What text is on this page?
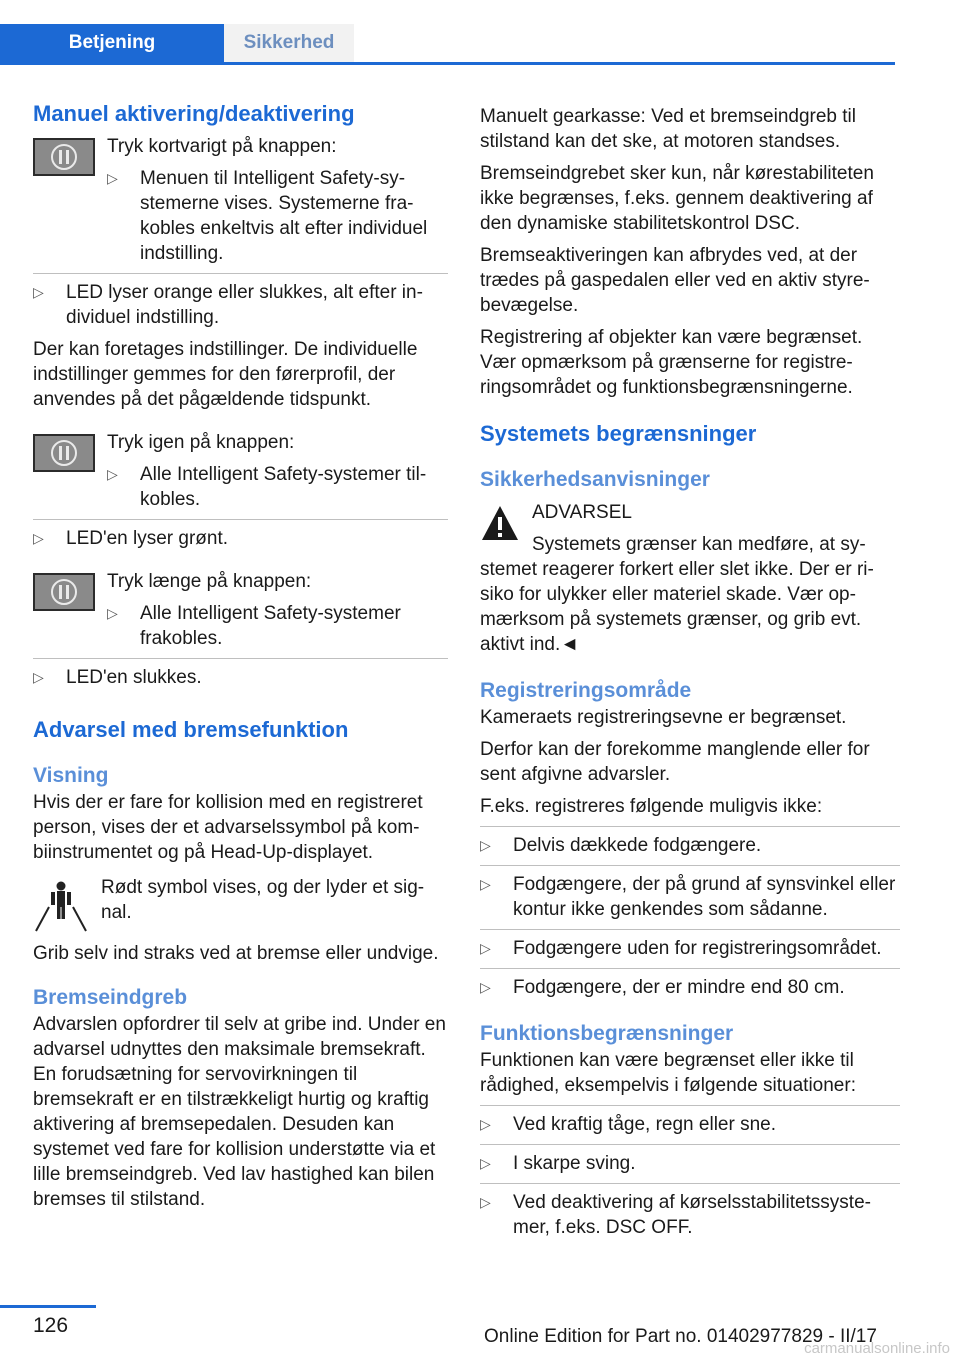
Betjening	Sikkerhed
Manuel aktivering/deaktivering

Tryk kortvarigt på knappen:

▷ Menuen til Intelligent Safety-systemerne vises. Systemerne frakobles enkeltvis alt efter individuel indstilling.
▷ LED lyser orange eller slukkes, alt efter individuel indstilling.

Der kan foretages indstillinger. De individuelle indstillinger gemmes for den førerprofil, der anvendes på det pågældende tidspunkt.

Tryk igen på knappen:

▷ Alle Intelligent Safety-systemer tilkobles.
▷ LED'en lyser grønt.

Tryk længe på knappen:

▷ Alle Intelligent Safety-systemer frakobles.
▷ LED'en slukkes.
Advarsel med bremsefunktion
Visning

Hvis der er fare for kollision med en registreret person, vises der et advarselssymbol på kombiinstrumentet og på Head-Up-displayet.

Rødt symbol vises, og der lyder et signal.

Grib selv ind straks ved at bremse eller undvige.

Bremseindgreb

Advarslen opfordrer til selv at gribe ind. Under en advarsel udnyttes den maksimale bremsekraft. En forudsætning for servovirkningen til bremsekraft er en tilstrækkeligt hurtig og kraftig aktivering af bremsepedalen. Desuden kan systemet ved fare for kollision understøtte via et lille bremseindgreb. Ved lav hastighed kan bilen bremses til stilstand.

Manuelt gearkasse: Ved et bremseindgreb til stilstand kan det ske, at motoren standses.

Bremseindgrebet sker kun, når kørestabiliteten ikke begrænses, f.eks. gennem deaktivering af den dynamiske stabilitetskontrol DSC.

Bremseaktiveringen kan afbrydes ved, at der trædes på gaspedalen eller ved en aktiv styrebevægelse.

Registrering af objekter kan være begrænset. Vær opmærksom på grænserne for registreringsområdet og funktionsbegrænsningerne.

Systemets begrænsninger
Sikkerhedsanvisninger
ADVARSEL

Systemets grænser kan medføre, at systemet reagerer forkert eller slet ikke. Der er risiko for ulykker eller materiel skade. Vær opmærksom på systemets grænser, og grib evt. aktivt ind.◄

Registreringsområde

Kameraets registreringsevne er begrænset.

Derfor kan der forekomme manglende eller for sent afgivne advarsler.

F.eks. registreres følgende muligvis ikke:

▷ Delvis dækkede fodgængere.
▷ Fodgængere, der på grund af synsvinkel eller kontur ikke genkendes som sådanne.
▷ Fodgængere uden for registreringsområdet.
▷ Fodgængere, der er mindre end 80 cm.
Funktionsbegrænsninger

Funktionen kan være begrænset eller ikke til rådighed, eksempelvis i følgende situationer:

▷ Ved kraftig tåge, regn eller sne.
▷ I skarpe sving.
▷ Ved deaktivering af kørselsstabilitetssystemer, f.eks. DSC OFF.
126	Online Edition for Part no. 01402977829 - II/17
carmanualsonline.info
